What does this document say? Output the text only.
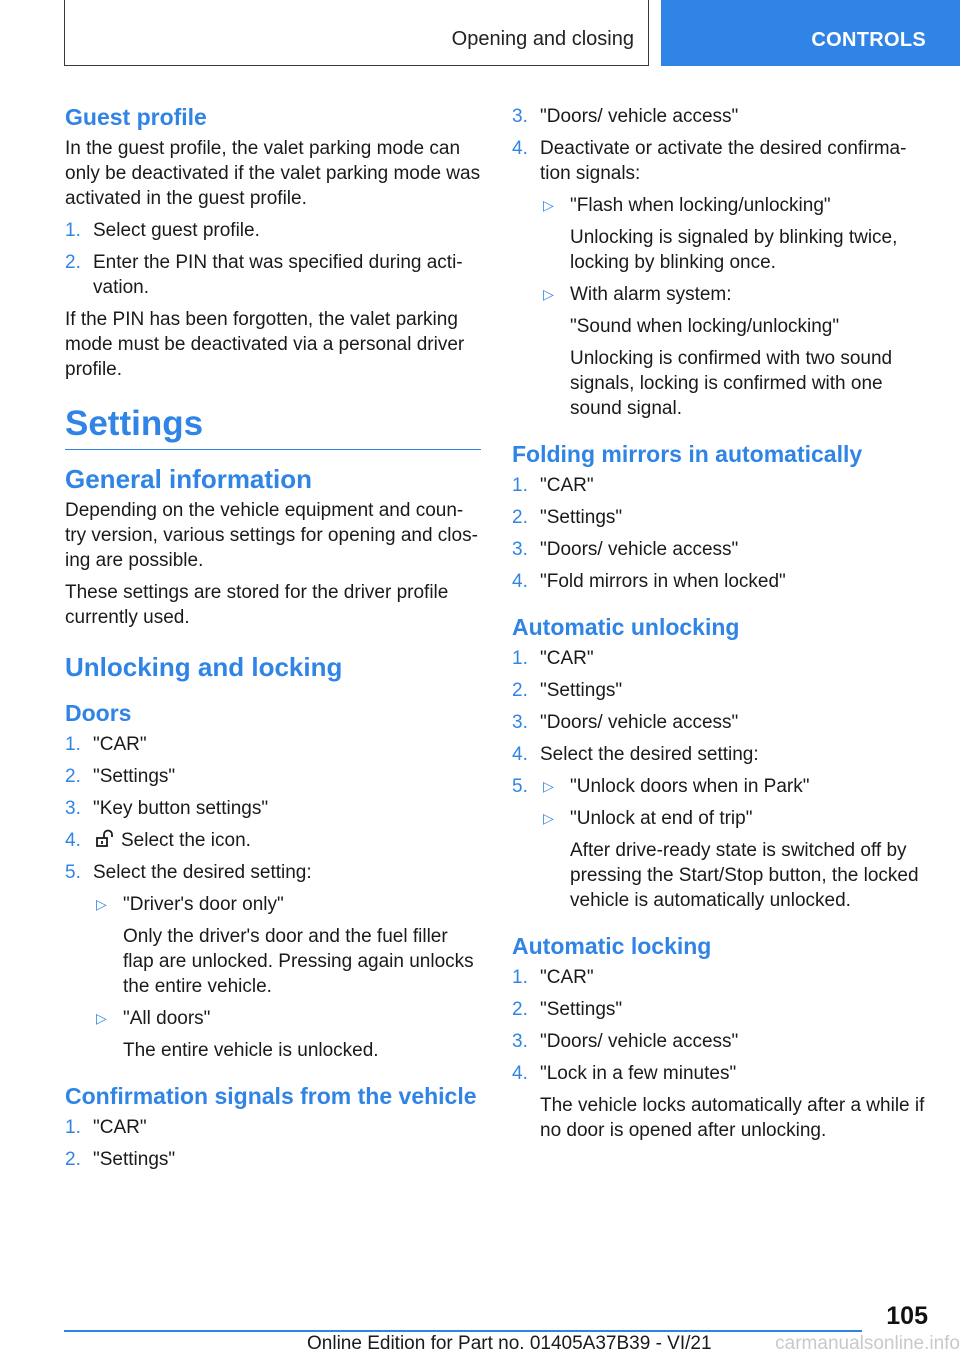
Opening and closing	CONTROLS
Guest profile
In the guest profile, the valet parking mode can only be deactivated if the valet parking mode was activated in the guest profile.
1. Select guest profile.
2. Enter the PIN that was specified during acti-vation.
If the PIN has been forgotten, the valet parking mode must be deactivated via a personal driver profile.
Settings
General information
Depending on the vehicle equipment and coun-try version, various settings for opening and clos-ing are possible.
These settings are stored for the driver profile currently used.
Unlocking and locking
Doors
1. "CAR"
2. "Settings"
3. "Key button settings"
4. Select the icon.
5. Select the desired setting:
▷ "Driver's door only"
Only the driver's door and the fuel filler flap are unlocked. Pressing again unlocks the entire vehicle.
▷ "All doors"
The entire vehicle is unlocked.
Confirmation signals from the vehicle
1. "CAR"
2. "Settings"
3. "Doors/ vehicle access"
4. Deactivate or activate the desired confirma-tion signals:
▷ "Flash when locking/unlocking"
Unlocking is signaled by blinking twice, locking by blinking once.
▷ With alarm system:
"Sound when locking/unlocking"
Unlocking is confirmed with two sound signals, locking is confirmed with one sound signal.
Folding mirrors in automatically
1. "CAR"
2. "Settings"
3. "Doors/ vehicle access"
4. "Fold mirrors in when locked"
Automatic unlocking
1. "CAR"
2. "Settings"
3. "Doors/ vehicle access"
4. Select the desired setting:
5. ▷ "Unlock doors when in Park"
▷ "Unlock at end of trip"
After drive-ready state is switched off by pressing the Start/Stop button, the locked vehicle is automatically unlocked.
Automatic locking
1. "CAR"
2. "Settings"
3. "Doors/ vehicle access"
4. "Lock in a few minutes"
The vehicle locks automatically after a while if no door is opened after unlocking.
105
Online Edition for Part no. 01405A37B39 - VI/21	carmanualsonline.info
